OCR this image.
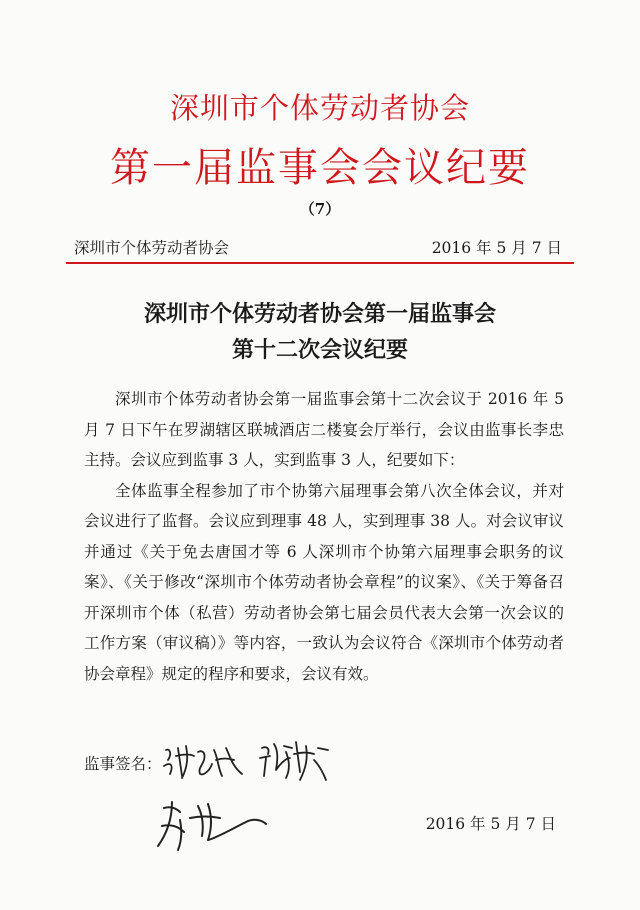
深圳市个体劳动者协会
第一届监事会会议纪要
（7）
深圳市个体劳动者协会	2016 年 5 月 7 日
深圳市个体劳动者协会第一届监事会
第十二次会议纪要

深圳市个体劳动者协会第一届监事会第十二次会议于 2016 年 5 月 7 日下午在罗湖辖区联城酒店二楼宴会厅举行，会议由监事长李忠主持。会议应到监事 3 人，实到监事 3 人，纪要如下：

全体监事全程参加了市个协第六届理事会第八次全体会议，并对会议进行了监督。会议应到理事 48 人，实到理事 38 人。对会议审议并通过《关于免去唐国才等 6 人深圳市个协第六届理事会职务的议案》、《关于修改“深圳市个体劳动者协会章程”的议案》、《关于筹备召开深圳市个体（私营）劳动者协会第七届会员代表大会第一次会议的工作方案（审议稿）》等内容，一致认为会议符合《深圳市个体劳动者协会章程》规定的程序和要求，会议有效。

监事签名：
2016 年 5 月 7 日
